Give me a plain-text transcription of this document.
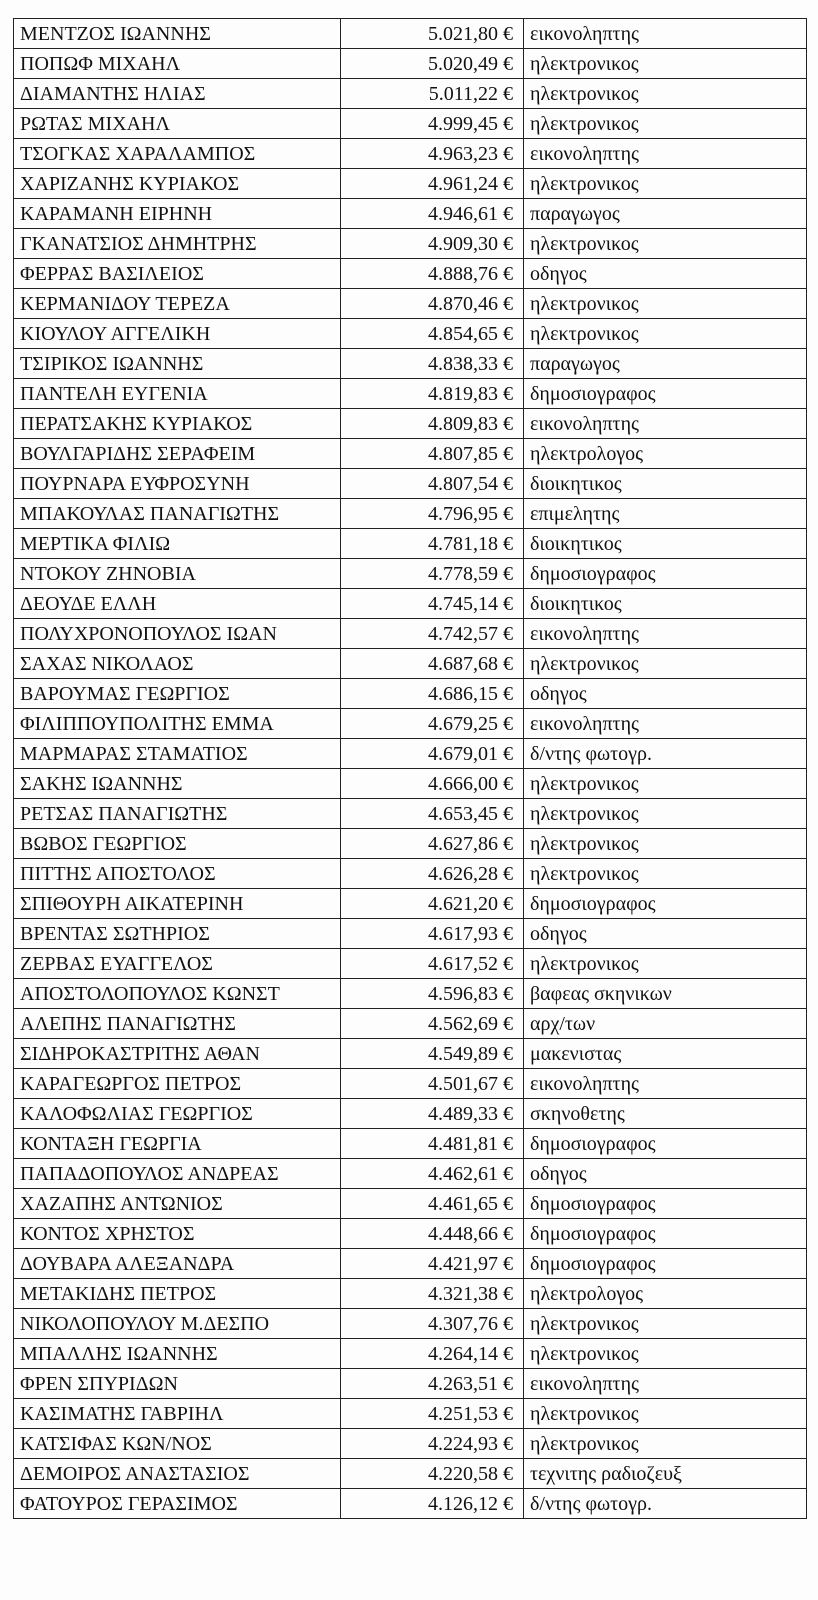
ΜΕΝΤΖΟΣ ΙΩΑΝΝΗΣ	5.021,80 €	εικονοληπτης
ΠΟΠΩΦ ΜΙΧΑΗΛ	5.020,49 €	ηλεκτρονικος
ΔΙΑΜΑΝΤΗΣ ΗΛΙΑΣ	5.011,22 €	ηλεκτρονικος
ΡΩΤΑΣ ΜΙΧΑΗΛ	4.999,45 €	ηλεκτρονικος
ΤΣΟΓΚΑΣ ΧΑΡΑΛΑΜΠΟΣ	4.963,23 €	εικονοληπτης
ΧΑΡΙΖΑΝΗΣ ΚΥΡΙΑΚΟΣ	4.961,24 €	ηλεκτρονικος
ΚΑΡΑΜΑΝΗ ΕΙΡΗΝΗ	4.946,61 €	παραγωγος
ΓΚΑΝΑΤΣΙΟΣ ΔΗΜΗΤΡΗΣ	4.909,30 €	ηλεκτρονικος
ΦΕΡΡΑΣ ΒΑΣΙΛΕΙΟΣ	4.888,76 €	οδηγος
ΚΕΡΜΑΝΙΔΟΥ ΤΕΡΕΖΑ	4.870,46 €	ηλεκτρονικος
ΚΙΟΥΛΟΥ ΑΓΓΕΛΙΚΗ	4.854,65 €	ηλεκτρονικος
ΤΣΙΡΙΚΟΣ ΙΩΑΝΝΗΣ	4.838,33 €	παραγωγος
ΠΑΝΤΕΛΗ ΕΥΓΕΝΙΑ	4.819,83 €	δημοσιογραφος
ΠΕΡΑΤΣΑΚΗΣ ΚΥΡΙΑΚΟΣ	4.809,83 €	εικονοληπτης
ΒΟΥΛΓΑΡΙΔΗΣ ΣΕΡΑΦΕΙΜ	4.807,85 €	ηλεκτρολογος
ΠΟΥΡΝΑΡΑ ΕΥΦΡΟΣΥΝΗ	4.807,54 €	διοικητικος
ΜΠΑΚΟΥΛΑΣ ΠΑΝΑΓΙΩΤΗΣ	4.796,95 €	επιμελητης
ΜΕΡΤΙΚΑ ΦΙΛΙΩ	4.781,18 €	διοικητικος
ΝΤΟΚΟΥ ΖΗΝΟΒΙΑ	4.778,59 €	δημοσιογραφος
ΔΕΟΥΔΕ ΕΛΛΗ	4.745,14 €	διοικητικος
ΠΟΛΥΧΡΟΝΟΠΟΥΛΟΣ ΙΩΑΝ	4.742,57 €	εικονοληπτης
ΣΑΧΑΣ ΝΙΚΟΛΑΟΣ	4.687,68 €	ηλεκτρονικος
ΒΑΡΟΥΜΑΣ ΓΕΩΡΓΙΟΣ	4.686,15 €	οδηγος
ΦΙΛΙΠΠΟΥΠΟΛΙΤΗΣ ΕΜΜΑ	4.679,25 €	εικονοληπτης
ΜΑΡΜΑΡΑΣ ΣΤΑΜΑΤΙΟΣ	4.679,01 €	δ/ντης φωτογρ.
ΣΑΚΗΣ ΙΩΑΝΝΗΣ	4.666,00 €	ηλεκτρονικος
ΡΕΤΣΑΣ ΠΑΝΑΓΙΩΤΗΣ	4.653,45 €	ηλεκτρονικος
ΒΩΒΟΣ ΓΕΩΡΓΙΟΣ	4.627,86 €	ηλεκτρονικος
ΠΙΤΤΗΣ ΑΠΟΣΤΟΛΟΣ	4.626,28 €	ηλεκτρονικος
ΣΠΙΘΟΥΡΗ ΑΙΚΑΤΕΡΙΝΗ	4.621,20 €	δημοσιογραφος
ΒΡΕΝΤΑΣ ΣΩΤΗΡΙΟΣ	4.617,93 €	οδηγος
ΖΕΡΒΑΣ ΕΥΑΓΓΕΛΟΣ	4.617,52 €	ηλεκτρονικος
ΑΠΟΣΤΟΛΟΠΟΥΛΟΣ ΚΩΝΣΤ	4.596,83 €	βαφεας σκηνικων
ΑΛΕΠΗΣ ΠΑΝΑΓΙΩΤΗΣ	4.562,69 €	αρχ/των
ΣΙΔΗΡΟΚΑΣΤΡΙΤΗΣ ΑΘΑΝ	4.549,89 €	μακενιστας
ΚΑΡΑΓΕΩΡΓΟΣ ΠΕΤΡΟΣ	4.501,67 €	εικονοληπτης
ΚΑΛΟΦΩΛΙΑΣ ΓΕΩΡΓΙΟΣ	4.489,33 €	σκηνοθετης
ΚΟΝΤΑΞΗ ΓΕΩΡΓΙΑ	4.481,81 €	δημοσιογραφος
ΠΑΠΑΔΟΠΟΥΛΟΣ ΑΝΔΡΕΑΣ	4.462,61 €	οδηγος
ΧΑΖΑΠΗΣ ΑΝΤΩΝΙΟΣ	4.461,65 €	δημοσιογραφος
ΚΟΝΤΟΣ ΧΡΗΣΤΟΣ	4.448,66 €	δημοσιογραφος
ΔΟΥΒΑΡΑ ΑΛΕΞΑΝΔΡΑ	4.421,97 €	δημοσιογραφος
ΜΕΤΑΚΙΔΗΣ ΠΕΤΡΟΣ	4.321,38 €	ηλεκτρολογος
ΝΙΚΟΛΟΠΟΥΛΟΥ Μ.ΔΕΣΠΟ	4.307,76 €	ηλεκτρονικος
ΜΠΑΛΛΗΣ ΙΩΑΝΝΗΣ	4.264,14 €	ηλεκτρονικος
ΦΡΕΝ ΣΠΥΡΙΔΩΝ	4.263,51 €	εικονοληπτης
ΚΑΣΙΜΑΤΗΣ ΓΑΒΡΙΗΛ	4.251,53 €	ηλεκτρονικος
ΚΑΤΣΙΦΑΣ ΚΩΝ/ΝΟΣ	4.224,93 €	ηλεκτρονικος
ΔΕΜΟΙΡΟΣ ΑΝΑΣΤΑΣΙΟΣ	4.220,58 €	τεχνιτης ραδιοζευξ
ΦΑΤΟΥΡΟΣ ΓΕΡΑΣΙΜΟΣ	4.126,12 €	δ/ντης φωτογρ.
